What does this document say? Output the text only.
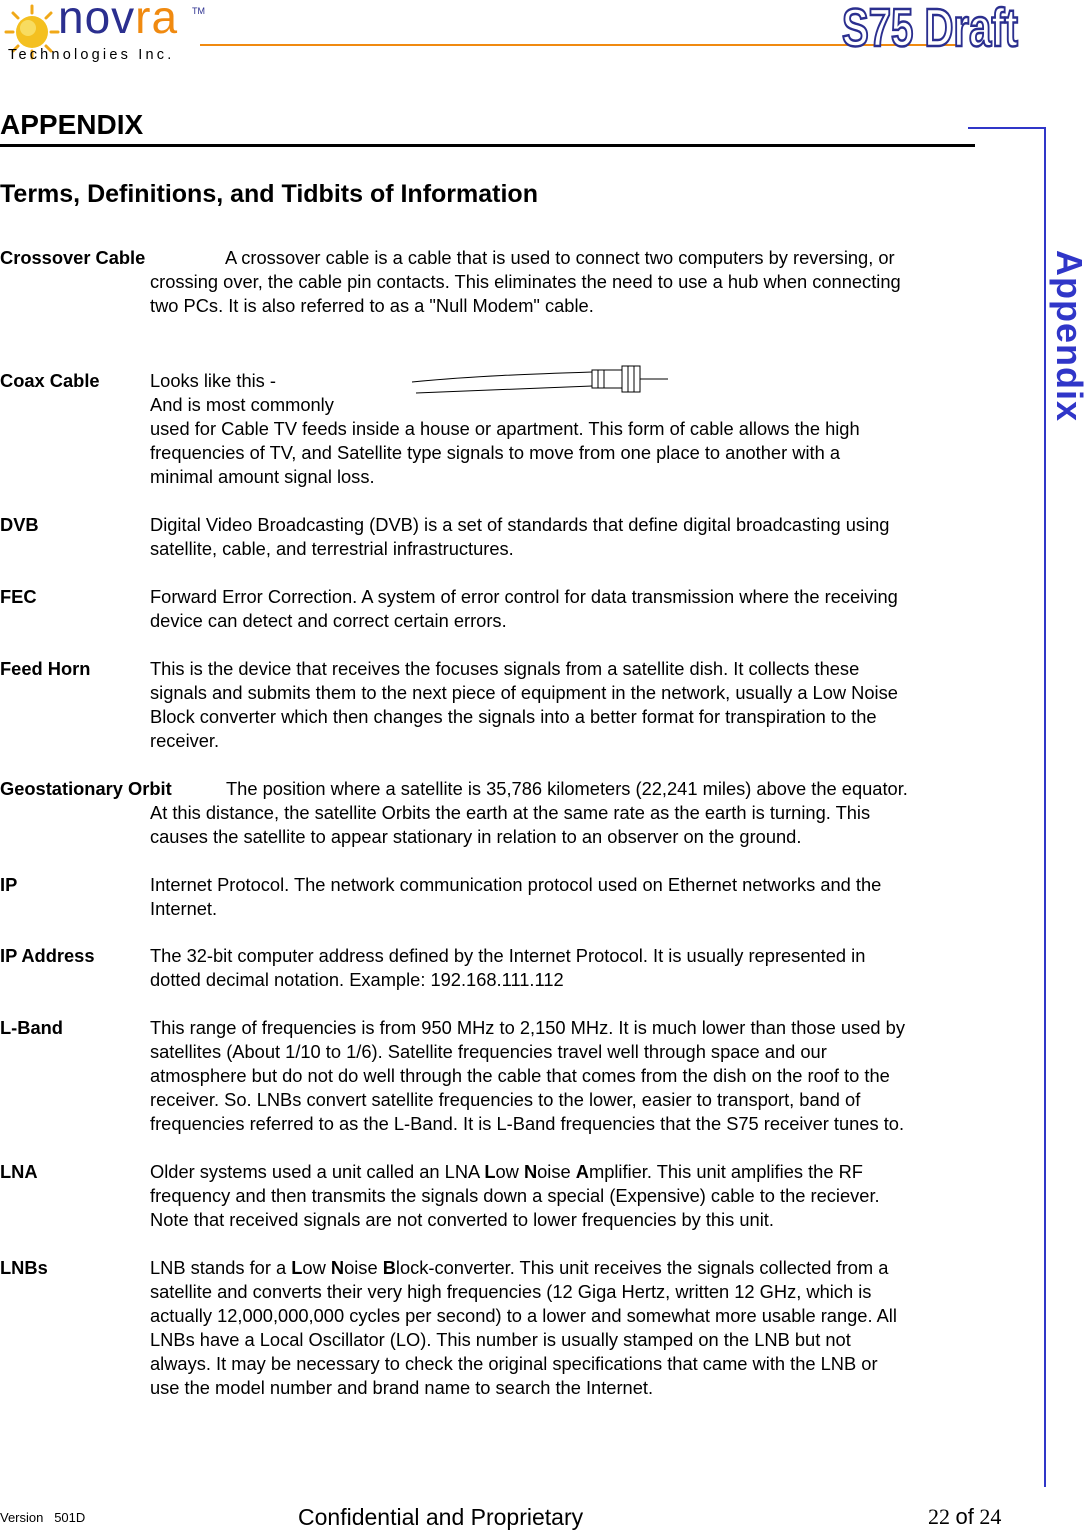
novra TM
Technologies Inc.	S75 Draft
Appendix
APPENDIX
Terms, Definitions, and Tidbits of Information
Crossover Cable	A crossover cable is a cable that is used to connect two computers by reversing, or
crossing over, the cable pin contacts. This eliminates the need to use a hub when connecting
two PCs. It is also referred to as a "Null Modem" cable.
Coax Cable	Looks like this -
And is most commonly
used for Cable TV feeds inside a house or apartment. This form of cable allows the high
frequencies of TV, and Satellite type signals to move from one place to another with a
minimal amount signal loss.
DVB	Digital Video Broadcasting (DVB) is a set of standards that define digital broadcasting using
satellite, cable, and terrestrial infrastructures.
FEC	Forward Error Correction. A system of error control for data transmission where the receiving
device can detect and correct certain errors.
Feed Horn	This is the device that receives the focuses signals from a satellite dish. It collects these
signals and submits them to the next piece of equipment in the network, usually a Low Noise
Block converter which then changes the signals into a better format for transpiration to the
receiver.
Geostationary Orbit	The position where a satellite is 35,786 kilometers (22,241 miles) above the equator.
At this distance, the satellite Orbits the earth at the same rate as the earth is turning. This
causes the satellite to appear stationary in relation to an observer on the ground.
IP	Internet Protocol. The network communication protocol used on Ethernet networks and the
Internet.
IP Address	The 32-bit computer address defined by the Internet Protocol. It is usually represented in
dotted decimal notation. Example: 192.168.111.112
L-Band	This range of frequencies is from 950 MHz to 2,150 MHz. It is much lower than those used by
satellites (About 1/10 to 1/6). Satellite frequencies travel well through space and our
atmosphere but do not do well through the cable that comes from the dish on the roof to the
receiver. So. LNBs convert satellite frequencies to the lower, easier to transport, band of
frequencies referred to as the L-Band. It is L-Band frequencies that the S75 receiver tunes to.
LNA	Older systems used a unit called an LNA Low Noise Amplifier. This unit amplifies the RF
frequency and then transmits the signals down a special (Expensive) cable to the reciever.
Note that received signals are not converted to lower frequencies by this unit.
LNBs	LNB stands for a Low Noise Block-converter. This unit receives the signals collected from a
satellite and converts their very high frequencies (12 Giga Hertz, written 12 GHz, which is
actually 12,000,000,000 cycles per second) to a lower and somewhat more usable range. All
LNBs have a Local Oscillator (LO). This number is usually stamped on the LNB but not
always. It may be necessary to check the original specifications that came with the LNB or
use the model number and brand name to search the Internet.
Version   501D	Confidential and Proprietary	22 of 24
